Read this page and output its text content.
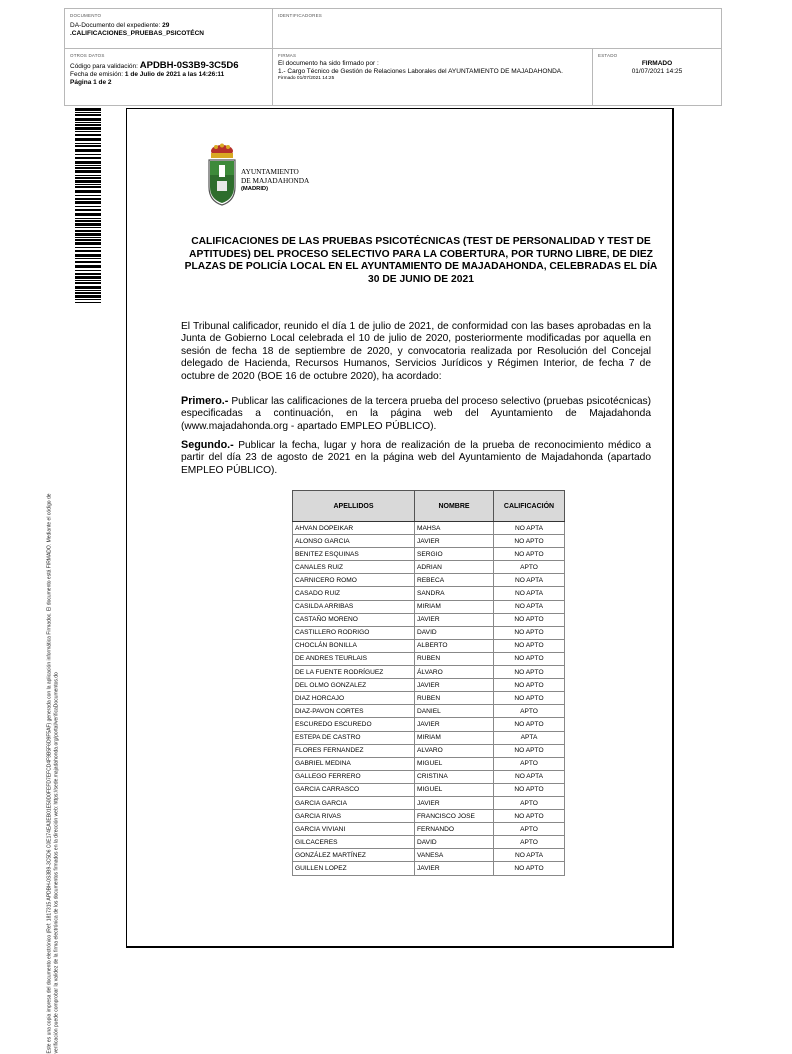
DOCUMENTO
DA-Documento del expediente: 29
.CALIFICACIONES_PRUEBAS_PSICOTÉCN
IDENTIFICADORES
OTROS DATOS
Código para validación: APDBH-0S3B9-3C5D6
Fecha de emisión: 1 de Julio de 2021 a las 14:26:11
Página 1 de 2
FIRMAS
El documento ha sido firmado por :
1.- Cargo Técnico de Gestión de Relaciones Laborales del AYUNTAMIENTO DE MAJADAHONDA.
Firmado 01/07/2021 14:25
ESTADO
FIRMADO
01/07/2021 14:25
Este es una copia impresa del documento electrónico (Ref: 1817315 APDBH-0S3B9-3C5D6 C0E174EA3EB01E50D0FEFD7EFCD4F9B5F6D9F5AF) generada con la aplicación informática Firmadoc. El documento está FIRMADO. Mediante el código de verificación puede comprobar la validez de la firma electrónica de los documentos firmados en la dirección web: https://sede.majadahonda.org/portal/verificaDocumentos.do
AYUNTAMIENTO
DE MAJADAHONDA
(MADRID)
CALIFICACIONES DE LAS PRUEBAS PSICOTÉCNICAS (TEST DE PERSONALIDAD Y TEST DE APTITUDES) DEL PROCESO SELECTIVO PARA LA COBERTURA, POR TURNO LIBRE, DE DIEZ PLAZAS DE POLICÍA LOCAL EN EL AYUNTAMIENTO DE MAJADAHONDA, CELEBRADAS EL DÍA 30 DE JUNIO DE 2021
El Tribunal calificador, reunido el día 1 de julio de 2021, de conformidad con las bases aprobadas en la Junta de Gobierno Local celebrada el 10 de julio de 2020, posteriormente modificadas por aquella en sesión de fecha 18 de septiembre de 2020, y convocatoria realizada por Resolución del Concejal delegado de Hacienda, Recursos Humanos, Servicios Jurídicos y Régimen Interior, de fecha 7 de octubre de 2020 (BOE 16 de octubre 2020), ha acordado:
Primero.- Publicar las calificaciones de la tercera prueba del proceso selectivo (pruebas psicotécnicas) especificadas a continuación, en la página web del Ayuntamiento de Majadahonda (www.majadahonda.org - apartado EMPLEO PÚBLICO).
Segundo.- Publicar la fecha, lugar y hora de realización de la prueba de reconocimiento médico a partir del día 23 de agosto de 2021 en la página web del Ayuntamiento de Majadahonda (apartado EMPLEO PÚBLICO).
APELLIDOS	NOMBRE	CALIFICACIÓN
AHVAN DOPEIKAR	MAHSA	NO APTA
ALONSO GARCIA	JAVIER	NO APTO
BENITEZ ESQUINAS	SERGIO	NO APTO
CANALES RUIZ	ADRIAN	APTO
CARNICERO ROMO	REBECA	NO APTA
CASADO RUIZ	SANDRA	NO APTA
CASILDA ARRIBAS	MIRIAM	NO APTA
CASTAÑO MORENO	JAVIER	NO APTO
CASTILLERO RODRIGO	DAVID	NO APTO
CHOCLÁN BONILLA	ALBERTO	NO APTO
DE ANDRES TEURLAIS	RUBEN	NO APTO
DE LA FUENTE RODRÍGUEZ	ÁLVARO	NO APTO
DEL OLMO GONZALEZ	JAVIER	NO APTO
DIAZ HORCAJO	RUBEN	NO APTO
DIAZ-PAVON CORTES	DANIEL	APTO
ESCUREDO ESCUREDO	JAVIER	NO APTO
ESTEPA DE CASTRO	MIRIAM	APTA
FLORES FERNANDEZ	ALVARO	NO APTO
GABRIEL MEDINA	MIGUEL	APTO
GALLEGO FERRERO	CRISTINA	NO APTA
GARCIA CARRASCO	MIGUEL	NO APTO
GARCIA GARCIA	JAVIER	APTO
GARCIA RIVAS	FRANCISCO JOSE	NO APTO
GARCIA VIVIANI	FERNANDO	APTO
GILCACERES	DAVID	APTO
GONZÁLEZ MARTÍNEZ	VANESA	NO APTA
GUILLEN LOPEZ	JAVIER	NO APTO
